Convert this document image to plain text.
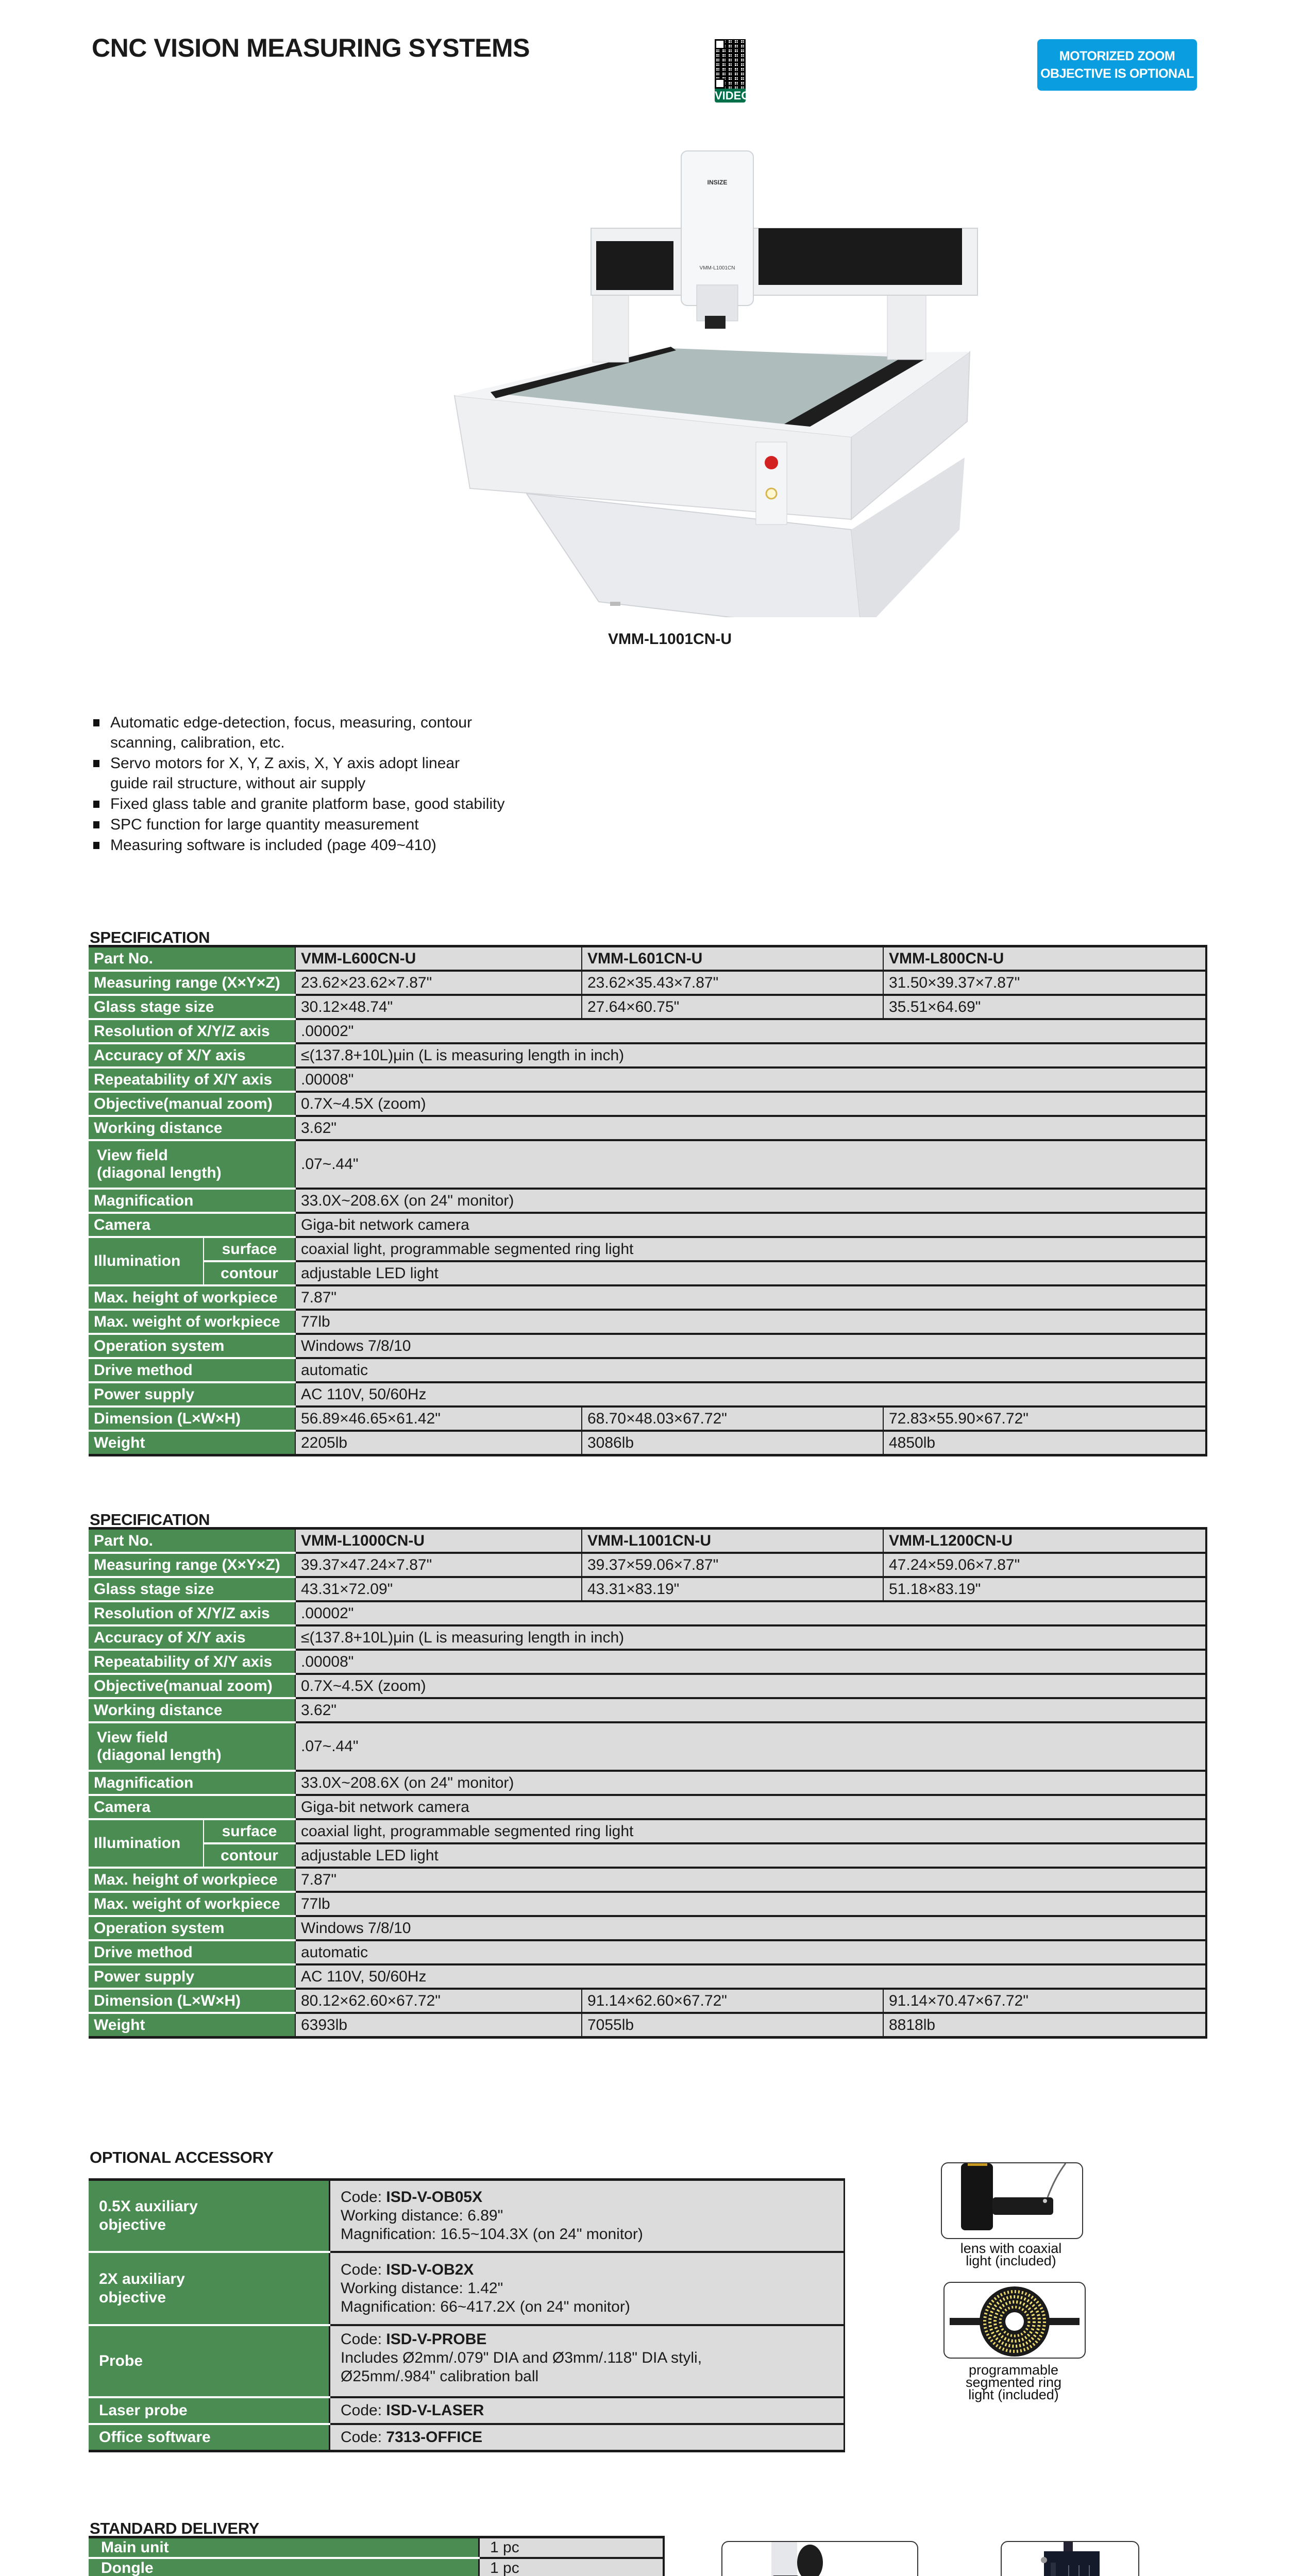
CNC VISION MEASURING SYSTEMS
VIDEO
MOTORIZED ZOOM
OBJECTIVE IS OPTIONAL
INSIZE
VMM-L1001CN
VMM-L1001CN-U
Automatic edge-detection, focus, measuring, contour scanning, calibration, etc.
Servo motors for X, Y, Z axis, X, Y axis adopt linear guide rail structure, without air supply
Fixed glass table and granite platform base, good stability
SPC function for large quantity measurement
Measuring software is included (page 409~410)
SPECIFICATION
Part No.		VMM-L600CN-U	VMM-L601CN-U	VMM-L800CN-U
Measuring range (X×Y×Z)		23.62×23.62×7.87"	23.62×35.43×7.87"	31.50×39.37×7.87"
Glass stage size		30.12×48.74"	27.64×60.75"	35.51×64.69"
Resolution of X/Y/Z axis		.00002"		
Accuracy of X/Y axis		≤(137.8+10L)μin (L is measuring length in inch)		
Repeatability of X/Y axis		.00008"		
Objective(manual zoom)		0.7X~4.5X (zoom)		
Working distance		3.62"		
View field
(diagonal length)		.07~.44"		
Magnification		33.0X~208.6X (on 24" monitor)		
Camera		Giga-bit network camera		
Illumination	surface	coaxial light, programmable segmented ring light		
	contour	adjustable LED light		
Max. height of workpiece		7.87"		
Max. weight of workpiece		77lb		
Operation system		Windows 7/8/10		
Drive method		automatic		
Power supply		AC 110V, 50/60Hz		
Dimension (L×W×H)		56.89×46.65×61.42"	68.70×48.03×67.72"	72.83×55.90×67.72"
Weight		2205lb	3086lb	4850lb
SPECIFICATION
Part No.		VMM-L1000CN-U	VMM-L1001CN-U	VMM-L1200CN-U
Measuring range (X×Y×Z)		39.37×47.24×7.87"	39.37×59.06×7.87"	47.24×59.06×7.87"
Glass stage size		43.31×72.09"	43.31×83.19"	51.18×83.19"
Resolution of X/Y/Z axis		.00002"		
Accuracy of X/Y axis		≤(137.8+10L)μin (L is measuring length in inch)		
Repeatability of X/Y axis		.00008"		
Objective(manual zoom)		0.7X~4.5X (zoom)		
Working distance		3.62"		
View field
(diagonal length)		.07~.44"		
Magnification		33.0X~208.6X (on 24" monitor)		
Camera		Giga-bit network camera		
Illumination	surface	coaxial light, programmable segmented ring light		
	contour	adjustable LED light		
Max. height of workpiece		7.87"		
Max. weight of workpiece		77lb		
Operation system		Windows 7/8/10		
Drive method		automatic		
Power supply		AC 110V, 50/60Hz		
Dimension (L×W×H)		80.12×62.60×67.72"	91.14×62.60×67.72"	91.14×70.47×67.72"
Weight		6393lb	7055lb	8818lb
OPTIONAL ACCESSORY
0.5X auxiliary
objective	Code: ISD-V-OB05X
Working distance: 6.89"
Magnification: 16.5~104.3X (on 24" monitor)
2X auxiliary
objective	Code: ISD-V-OB2X
Working distance: 1.42"
Magnification: 66~417.2X (on 24" monitor)
Probe	Code: ISD-V-PROBE
Includes Ø2mm/.079" DIA and Ø3mm/.118" DIA styli,
Ø25mm/.984" calibration ball
Laser probe	Code: ISD-V-LASER
Office software	Code: 7313-OFFICE
lens with coaxial
light (included)
programmable
segmented ring
light (included)
STANDARD DELIVERY
Main unit	1 pc
Dongle	1 pc
